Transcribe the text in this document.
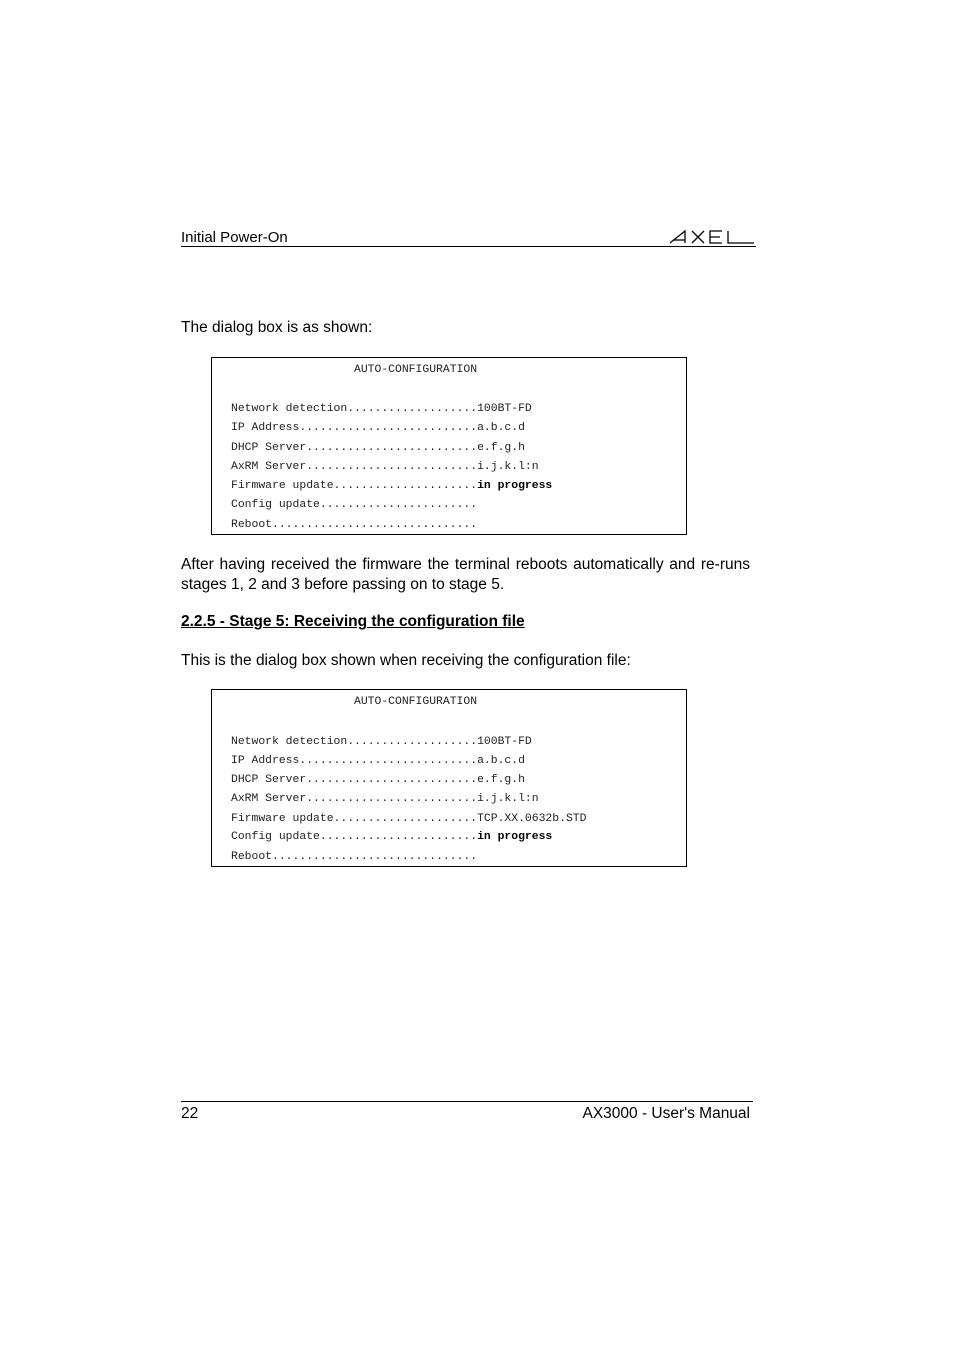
Initial Power-On
The dialog box is as shown:
AUTO-CONFIGURATION
Network detection...................100BT-FD
IP Address..........................a.b.c.d
DHCP Server.........................e.f.g.h
AxRM Server.........................i.j.k.l:n
Firmware update.....................in progress
Config update.......................
Reboot..............................
After having received the firmware the terminal reboots automatically and re-runs stages 1, 2 and 3 before passing on to stage 5.
2.2.5 - Stage 5: Receiving the configuration file
This is the dialog box shown when receiving the configuration file:
AUTO-CONFIGURATION
Network detection...................100BT-FD
IP Address..........................a.b.c.d
DHCP Server.........................e.f.g.h
AxRM Server.........................i.j.k.l:n
Firmware update.....................TCP.XX.0632b.STD
Config update.......................in progress
Reboot..............................
22	AX3000 - User's Manual
